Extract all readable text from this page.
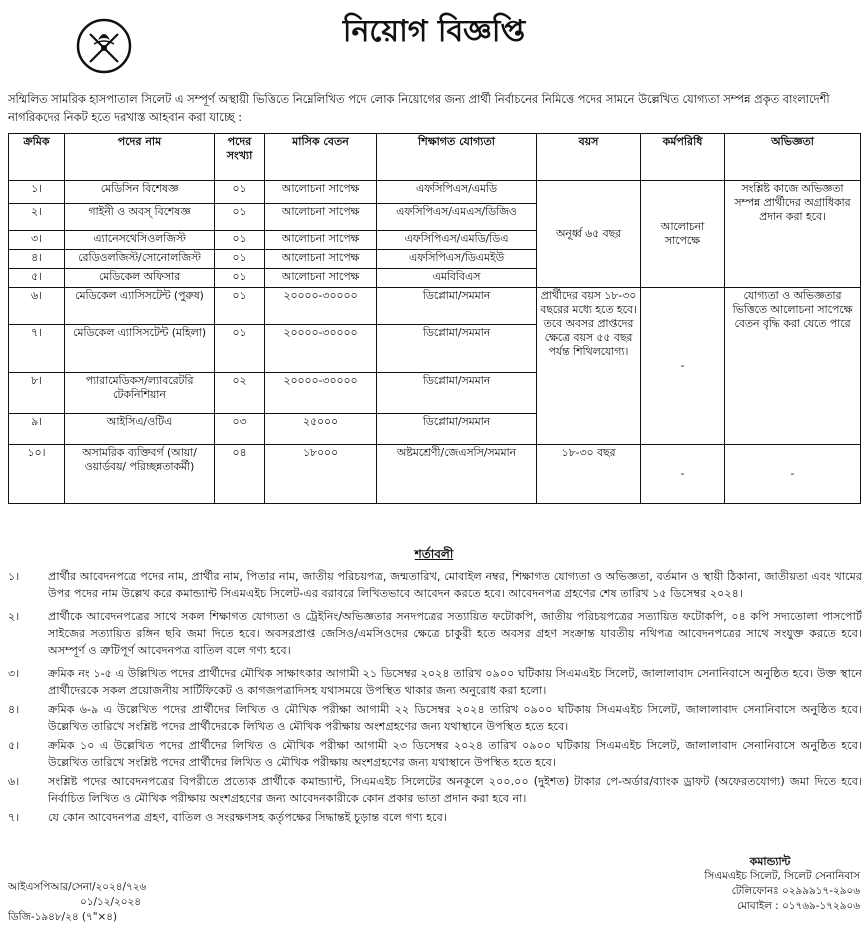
নিয়োগ বিজ্ঞপ্তি
সম্মিলিত সামরিক হাসপাতাল সিলেট এ সম্পূর্ণ অস্থায়ী ভিত্তিতে নিম্নেলিখিত পদে লোক নিয়োগের জন্য প্রার্থী নির্বাচনের নিমিত্তে পদের সামনে উল্লেখিত যোগ্যতা সম্পন্ন প্রকৃত বাংলাদেশী নাগরিকদের নিকট হতে দরখাস্ত আহবান করা যাচ্ছে :
ক্রমিক	পদের নাম	পদের সংখ্যা	মাসিক বেতন	শিক্ষাগত যোগ্যতা	বয়স	কর্মপরিধি	অভিজ্ঞতা
১।	মেডিসিন বিশেষজ্ঞ	০১	আলোচনা সাপেক্ষ	এফসিপিএস/এমডি	অনূর্ধ্ব ৬৫ বছর	আলোচনা সাপেক্ষে	সংশ্লিষ্ট কাজে অভিজ্ঞতা সম্পন্ন প্রার্থীদের অগ্রাধিকার প্রদান করা হবে।
২।	গাইনী ও অবস্‌ বিশেষজ্ঞ	০১	আলোচনা সাপেক্ষ	এফসিপিএস/এমএস/ডিজিও			
৩।	এ্যানেসথেসিওলজিস্ট	০১	আলোচনা সাপেক্ষ	এফসিপিএস/এমডি/ডিএ			
৪।	রেডিওলজিস্ট/সোনোলজিস্ট	০১	আলোচনা সাপেক্ষ	এফসিপিএস/ডিএমইউ			
৫।	মেডিকেল অফিসার	০১	আলোচনা সাপেক্ষ	এমবিবিএস			
৬।	মেডিকেল এ্যাসিসটেন্ট (পুরুষ)	০১	২০০০০-৩০০০০	ডিপ্লোমা/সমমান	প্রার্থীদের বয়স ১৮-৩০ বছরের মধ্যে হতে হবে। তবে অবসর প্রাপ্তদের ক্ষেত্রে বয়স ৫৫ বছর পর্যন্ত শিথিলযোগ্য।	-	যোগ্যতা ও অভিজ্ঞতার ভিত্তিতে আলোচনা সাপেক্ষে বেতন বৃদ্ধি করা যেতে পারে
৭।	মেডিকেল এ্যাসিসটেন্ট (মহিলা)	০১	২০০০০-৩০০০০	ডিপ্লোমা/সমমান			
৮।	প্যারামেডিকস/ল্যাবরেটরি টেকনিশিয়ান	০২	২০০০০-৩০০০০	ডিপ্লোমা/সমমান			
৯।	আইসিএ/ওটিএ	০৩	২৫০০০	ডিপ্লোমা/সমমান			
১০।	অসামরিক ব্যক্তিবর্গ (আয়া/ওয়ার্ডবয়/ পরিচ্ছন্নতাকর্মী)	০৪	১৮০০০	অষ্টমশ্রেণী/জেএসসি/সমমান	১৮-৩০ বছর	-	-
শর্তাবলী
১।	প্রার্থীর আবেদনপত্রে পদের নাম, প্রার্থীর নাম, পিতার নাম, জাতীয় পরিচয়পত্র, জন্মতারিখ, মোবাইল নম্বর, শিক্ষাগত যোগ্যতা ও অভিজ্ঞতা, বর্তমান ও স্থায়ী ঠিকানা, জাতীয়তা এবং খামের উপর পদের নাম উল্লেখ করে কমান্ড্যান্ট সিএমএইচ সিলেট-এর বরাবরে লিখিতভাবে আবেদন করতে হবে। আবেদনপত্র গ্রহণের শেষ তারিখ ১৫ ডিসেম্বর ২০২৪।
২।	প্রার্থীকে আবেদনপত্রের সাথে সকল শিক্ষাগত যোগ্যতা ও ট্রেইনিং/অভিজ্ঞতার সনদপত্রের সত্যায়িত ফটোকপি, জাতীয় পরিচয়পত্রের সত্যায়িত ফটোকপি, ০৪ কপি সদ্যতোলা পাসপোর্ট সাইজের সত্যায়িত রঙ্গিন ছবি জমা দিতে হবে। অবসরপ্রাপ্ত জেসিও/এমসিওদের ক্ষেত্রে চাকুরী হতে অবসর গ্রহণ সংক্রান্ত যাবতীয় নথিপত্র আবেদনপত্রের সাথে সংযুক্ত করতে হবে। অসম্পূর্ণ ও ত্রুটিপূর্ণ আবেদনপত্র বাতিল বলে গণ্য হবে।
৩।	ক্রমিক নং ১-৫ এ উল্লিখিত পদের প্রার্থীদের মৌখিক সাক্ষাৎকার আগামী ২১ ডিসেম্বর ২০২৪ তারিখ ০৯০০ ঘটিকায় সিএমএইচ সিলেট, জালালাবাদ সেনানিবাসে অনুষ্ঠিত হবে। উক্ত স্থানে প্রার্থীদেরকে সকল প্রয়োজনীয় সার্টিফিকেট ও কাগজপত্রাদিসহ যথাসময়ে উপস্থিত থাকার জন্য অনুরোধ করা হলো।
৪।	ক্রমিক ৬-৯ এ উল্লেখিত পদের প্রার্থীদের লিখিত ও মৌখিক পরীক্ষা আগামী ২২ ডিসেম্বর ২০২৪ তারিখ ০৯০০ ঘটিকায় সিএমএইচ সিলেট, জালালাবাদ সেনানিবাসে অনুষ্ঠিত হবে। উল্লেখিত তারিখে সংশ্লিষ্ট পদের প্রার্থীদেরকে লিখিত ও মৌখিক পরীক্ষায় অংশগ্রহণের জন্য যথাস্থানে উপস্থিত হতে হবে।
৫।	ক্রমিক ১০ এ উল্লেখিত পদের প্রার্থীদের লিখিত ও মৌখিক পরীক্ষা আগামী ২৩ ডিসেম্বর ২০২৪ তারিখ ০৯০০ ঘটিকায় সিএমএইচ সিলেট, জালালাবাদ সেনানিবাসে অনুষ্ঠিত হবে। উল্লেখিত তারিখে সংশ্লিষ্ট পদের প্রার্থীদের লিখিত ও মৌখিক পরীক্ষায় অংশগ্রহণের জন্য যথাস্থানে উপস্থিত হতে হবে।
৬।	সংশ্লিষ্ট পদের আবেদনপত্রের বিপরীতে প্রত্যেক প্রার্থীকে কমান্ড্যান্ট, সিএমএইচ সিলেটের অনকূলে ২০০.০০ (দুইশত) টাকার পে-অর্ডার/ব্যাংক ড্রাফট (অফেরতযোগ্য) জমা দিতে হবে। নির্বাচিত লিখিত ও মৌখিক পরীক্ষায় অংশগ্রহণের জন্য আবেদনকারীকে কোন প্রকার ভাতা প্রদান করা হবে না।
৭।	যে কোন আবেদনপত্র গ্রহণ, বাতিল ও সংরক্ষণসহ কর্তৃপক্ষের সিদ্ধান্তই চূড়ান্ত বলে গণ্য হবে।
কমান্ড্যান্ট
সিএমএইচ সিলেট, সিলেট সেনানিবাস
টেলিফোনঃ ০২৯৯৯১৭-২৯০৬
মোবাইল : ০১৭৬৯-১৭২৯০৬
আইএসপিআর/সেনা/২০২৪/৭২৬
০১/১২/২০২৪
ডিজি-১৯৪৮/২৪ (৭"×৪)
